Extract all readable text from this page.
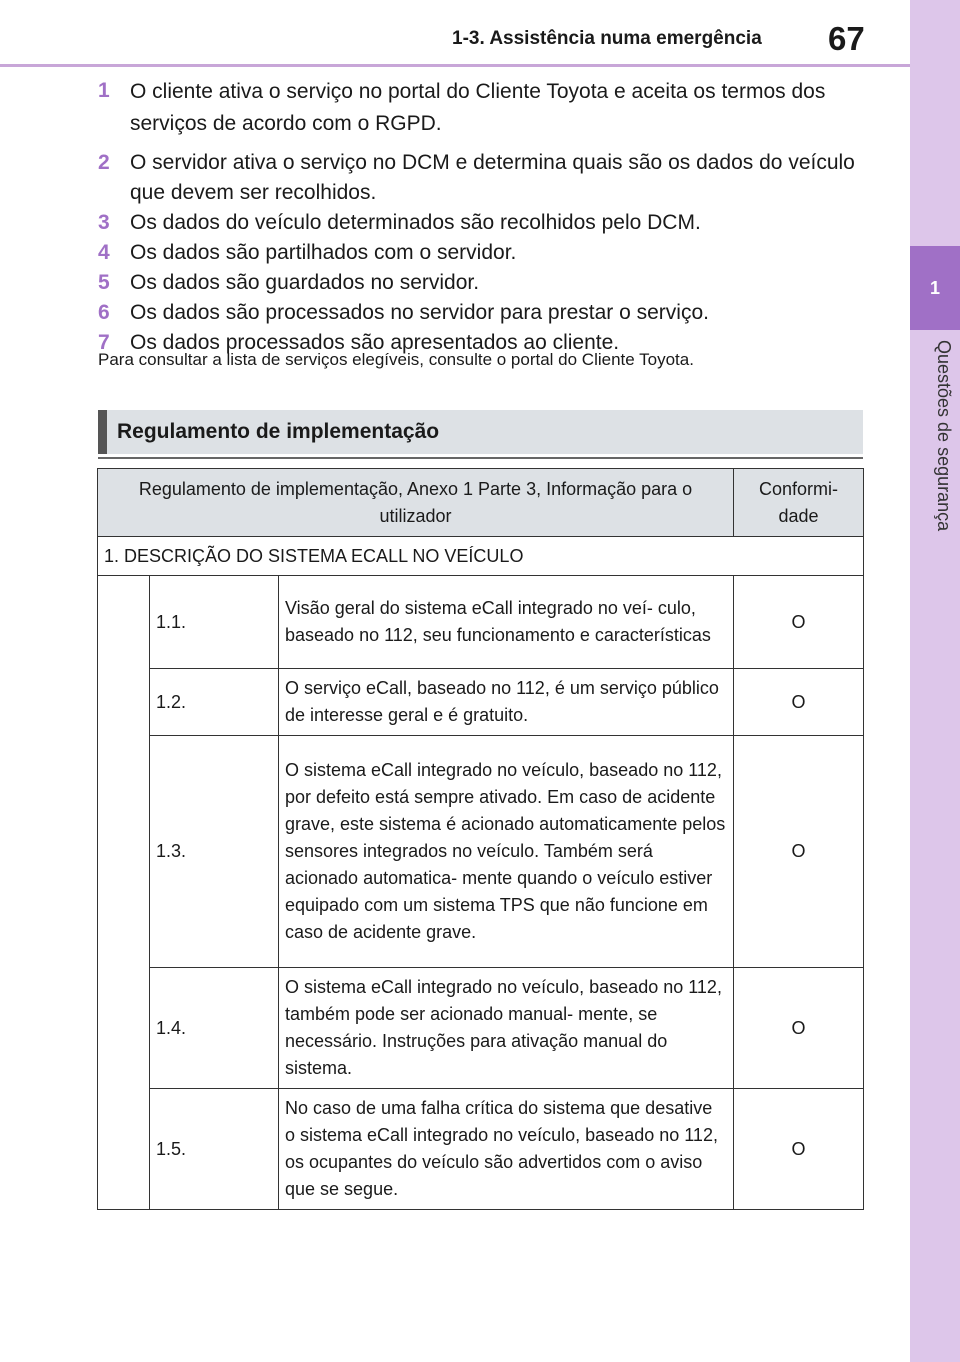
1-3. Assistência numa emergência	67
1
Questões de segurança
1 O cliente ativa o serviço no portal do Cliente Toyota e aceita os termos dos serviços de acordo com o RGPD.
2 O servidor ativa o serviço no DCM e determina quais são os dados do veículo que devem ser recolhidos.
3 Os dados do veículo determinados são recolhidos pelo DCM.
4 Os dados são partilhados com o servidor.
5 Os dados são guardados no servidor.
6 Os dados são processados no servidor para prestar o serviço.
7 Os dados processados são apresentados ao cliente.
Para consultar a lista de serviços elegíveis, consulte o portal do Cliente Toyota.
Regulamento de implementação
Regulamento de implementação, Anexo 1 Parte 3, Informação para o utilizador			Conformi- dade
1. DESCRIÇÃO DO SISTEMA ECALL NO VEÍCULO			
	1.1.	Visão geral do sistema eCall integrado no veí- culo, baseado no 112, seu funcionamento e características	O
	1.2.	O serviço eCall, baseado no 112, é um serviço público de interesse geral e é gratuito.	O
	1.3.	O sistema eCall integrado no veículo, baseado no 112, por defeito está sempre ativado. Em caso de acidente grave, este sistema é acionado automaticamente pelos sensores integrados no veículo. Também será acionado automatica- mente quando o veículo estiver equipado com um sistema TPS que não funcione em caso de acidente grave.	O
	1.4.	O sistema eCall integrado no veículo, baseado no 112, também pode ser acionado manual- mente, se necessário. Instruções para ativação manual do sistema.	O
	1.5.	No caso de uma falha crítica do sistema que desative o sistema eCall integrado no veículo, baseado no 112, os ocupantes do veículo são advertidos com o aviso que se segue.	O
